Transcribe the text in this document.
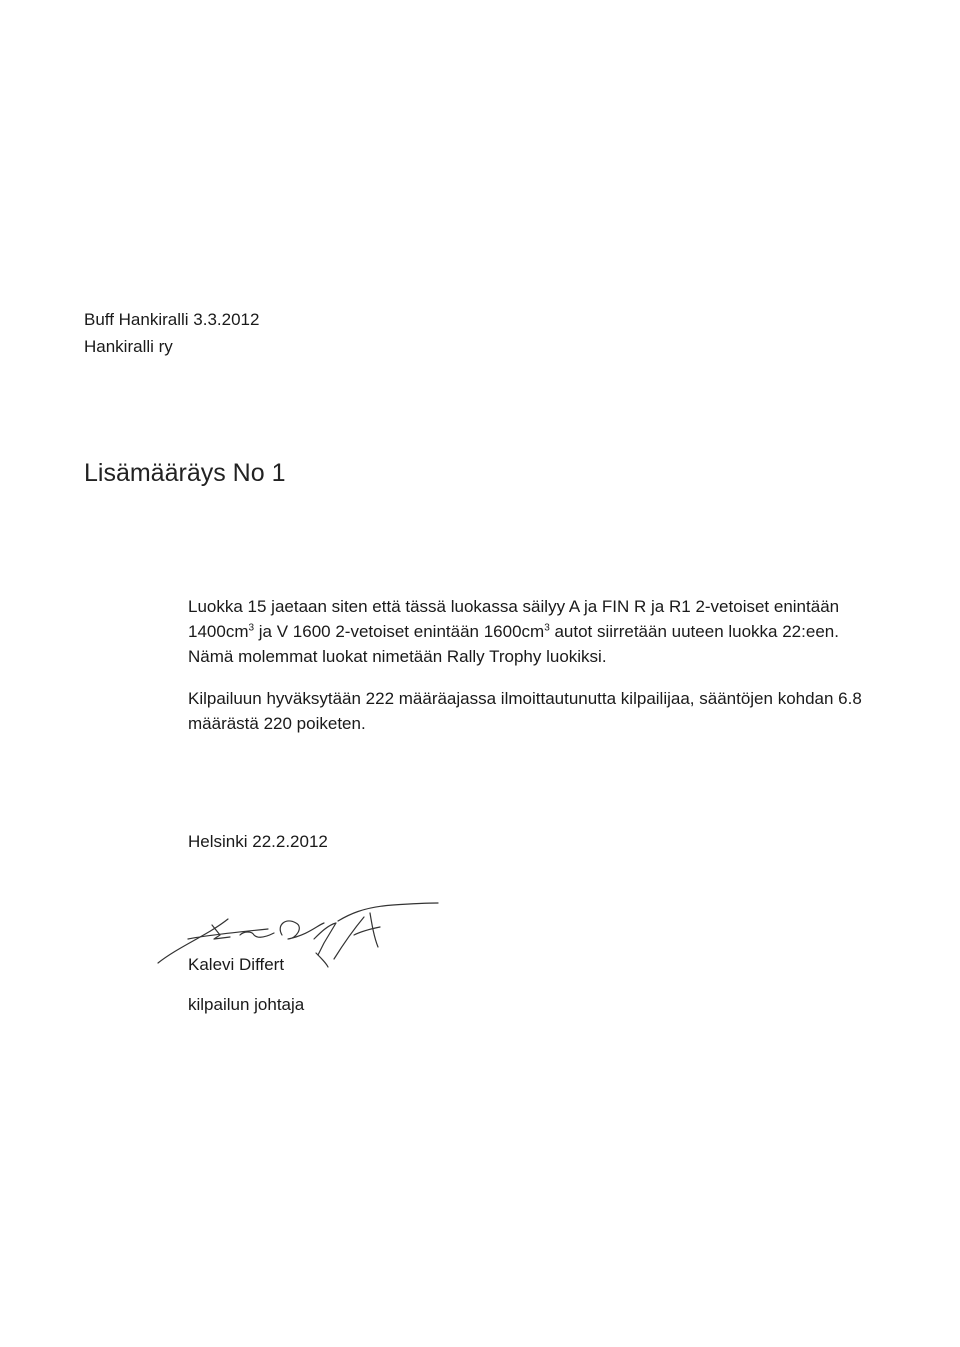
Buff Hankiralli 3.3.2012
Hankiralli ry
Lisämääräys No 1
Luokka 15 jaetaan siten että tässä luokassa säilyy A ja FIN R ja R1 2-vetoiset enintään
$1400cm^3$ ja V 1600 2-vetoiset enintään $1600cm^3$ autot siirretään uuteen luokka 22:een.
Nämä molemmat luokat nimetään Rally Trophy luokiksi.
Kilpailuun hyväksytään 222 määräajassa ilmoittautunutta kilpailijaa, sääntöjen kohdan 6.8
määrästä 220 poiketen.
Helsinki 22.2.2012
Kalevi Differt
kilpailun johtaja
